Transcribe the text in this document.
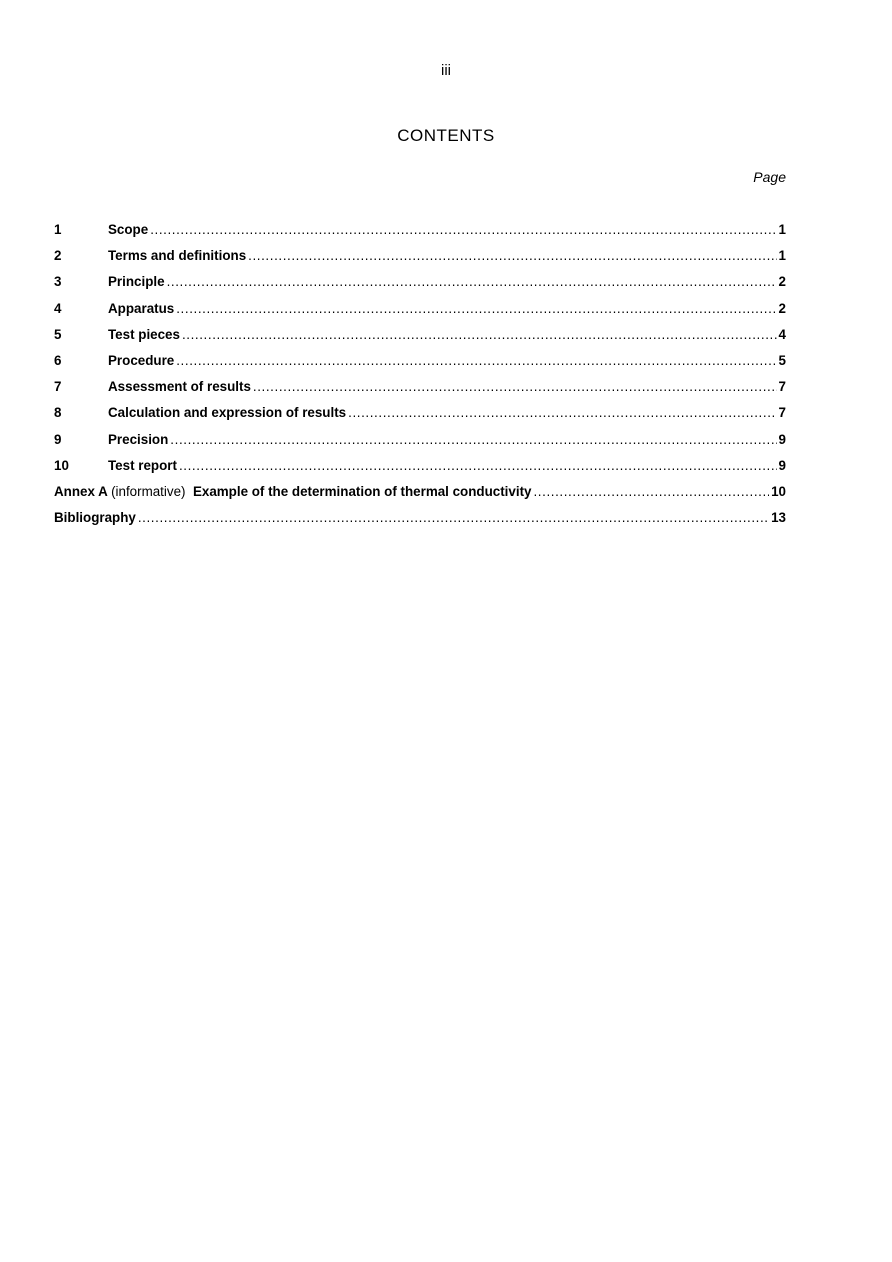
iii
CONTENTS
Page
1	Scope .....	1
2	Terms and definitions .....	1
3	Principle .....	2
4	Apparatus .....	2
5	Test pieces .....	4
6	Procedure .....	5
7	Assessment of results .....	7
8	Calculation and expression of results .....	7
9	Precision .....	9
10	Test report .....	9
Annex A (informative) Example of the determination of thermal conductivity .....	10
Bibliography .....	13
